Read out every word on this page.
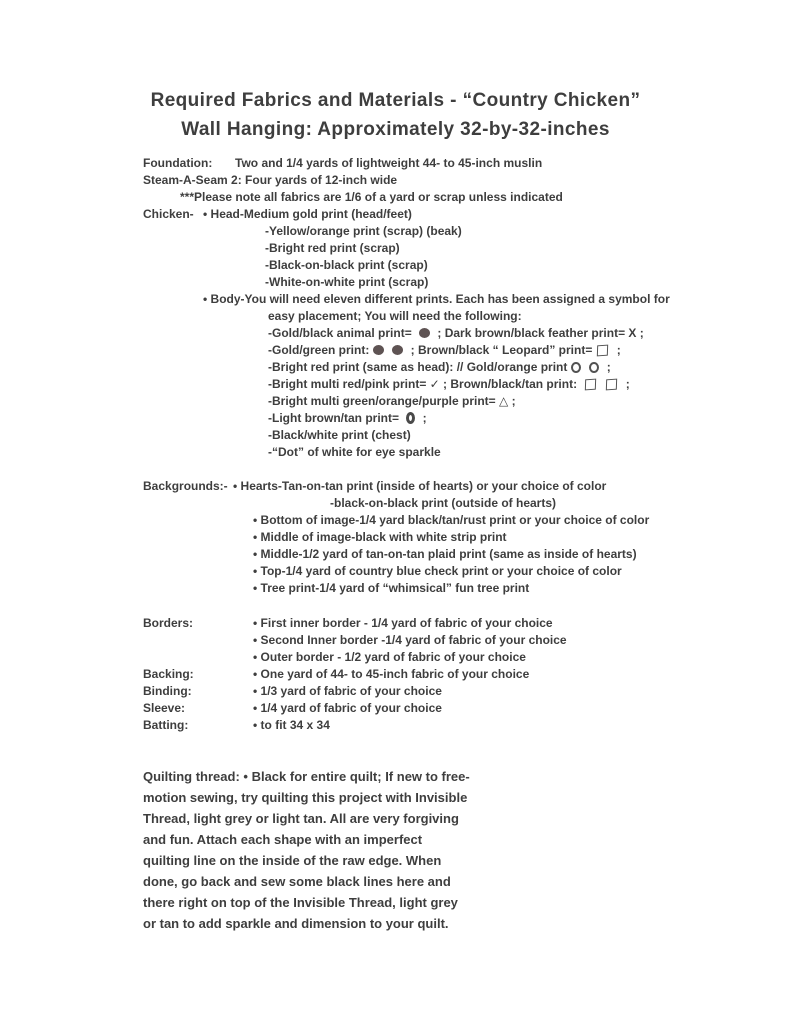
Required Fabrics and Materials - “Country Chicken”
Wall Hanging: Approximately 32-by-32-inches
Foundation: Two and 1/4 yards of lightweight 44- to 45-inch muslin
Steam-A-Seam 2: Four yards of 12-inch wide
***Please note all fabrics are 1/6 of a yard or scrap unless indicated
Chicken- • Head-Medium gold print (head/feet)
-Yellow/orange print (scrap) (beak)
-Bright red print (scrap)
-Black-on-black print (scrap)
-White-on-white print (scrap)
• Body-You will need eleven different prints. Each has been assigned a symbol for
easy placement; You will need the following:
-Gold/black animal print=  ; Dark brown/black feather print= X ;
-Gold/green print:	; Brown/black “ Leopard” print= ;
-Bright red print (same as head): // Gold/orange print	;
-Bright multi red/pink print= ✓ ; Brown/black/tan print:	;
-Bright multi green/orange/purple print= △ ;
-Light brown/tan print=  ;
-Black/white print (chest)
-“Dot” of white for eye sparkle
Backgrounds:- • Hearts-Tan-on-tan print (inside of hearts) or your choice of color
-black-on-black print (outside of hearts)
• Bottom of image-1/4 yard black/tan/rust print or your choice of color
• Middle of image-black with white strip print
• Middle-1/2 yard of tan-on-tan plaid print (same as inside of hearts)
• Top-1/4 yard of country blue check print or your choice of color
• Tree print-1/4 yard of “whimsical” fun tree print
Borders:	• First inner border - 1/4 yard of fabric of your choice
• Second Inner border -1/4 yard of fabric of your choice
• Outer border - 1/2 yard of fabric of your choice
Backing:	• One yard of 44- to 45-inch fabric of your choice
Binding:	• 1/3 yard of fabric of your choice
Sleeve:	• 1/4 yard of fabric of your choice
Batting:	• to fit 34 x 34

Quilting thread: • Black for entire quilt; If new to free-motion sewing, try quilting this project with Invisible Thread, light grey or light tan. All are very forgiving and fun. Attach each shape with an imperfect quilting line on the inside of the raw edge. When done, go back and sew some black lines here and there right on top of the Invisible Thread, light grey or tan to add sparkle and dimension to your quilt.
